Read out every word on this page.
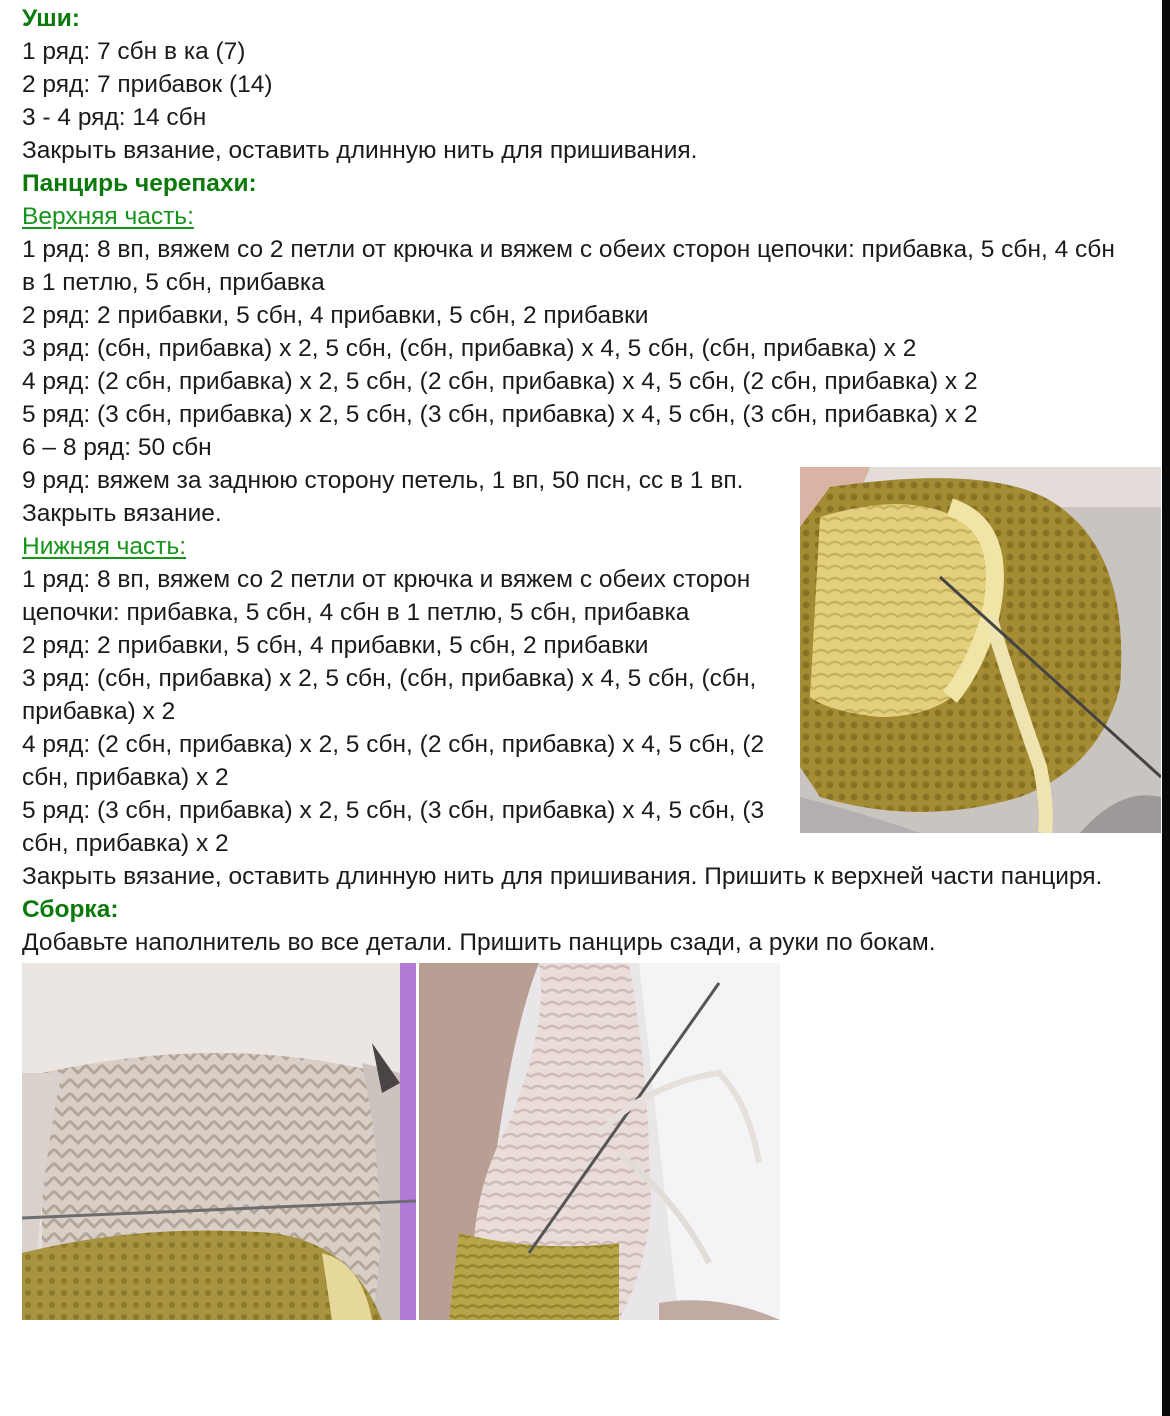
Уши:
1 ряд: 7 сбн в ка (7)
2 ряд: 7 прибавок (14)
3 - 4 ряд: 14 сбн
Закрыть вязание, оставить длинную нить для пришивания.
Панцирь черепахи:
Верхняя часть:
1 ряд: 8 вп, вяжем со 2 петли от крючка и вяжем с обеих сторон цепочки: прибавка, 5 сбн, 4 сбн
в 1 петлю, 5 сбн, прибавка
2 ряд: 2 прибавки, 5 сбн, 4 прибавки, 5 сбн, 2 прибавки
3 ряд: (сбн, прибавка) х 2, 5 сбн, (сбн, прибавка) х 4, 5 сбн, (сбн, прибавка) х 2
4 ряд: (2 сбн, прибавка) х 2, 5 сбн, (2 сбн, прибавка) х 4, 5 сбн, (2 сбн, прибавка) х 2
5 ряд: (3 сбн, прибавка) х 2, 5 сбн, (3 сбн, прибавка) х 4, 5 сбн, (3 сбн, прибавка) х 2
6 – 8 ряд: 50 сбн
9 ряд: вяжем за заднюю сторону петель, 1 вп, 50 псн, сс в 1 вп.
Закрыть вязание.
Нижняя часть:
1 ряд: 8 вп, вяжем со 2 петли от крючка и вяжем с обеих сторон
цепочки: прибавка, 5 сбн, 4 сбн в 1 петлю, 5 сбн, прибавка
2 ряд: 2 прибавки, 5 сбн, 4 прибавки, 5 сбн, 2 прибавки
3 ряд: (сбн, прибавка) х 2, 5 сбн, (сбн, прибавка) х 4, 5 сбн, (сбн,
прибавка) х 2
4 ряд: (2 сбн, прибавка) х 2, 5 сбн, (2 сбн, прибавка) х 4, 5 сбн, (2
сбн, прибавка) х 2
5 ряд: (3 сбн, прибавка) х 2, 5 сбн, (3 сбн, прибавка) х 4, 5 сбн, (3
сбн, прибавка) х 2
Закрыть вязание, оставить длинную нить для пришивания. Пришить к верхней части панциря.
Сборка:
Добавьте наполнитель во все детали. Пришить панцирь сзади, а руки по бокам.
